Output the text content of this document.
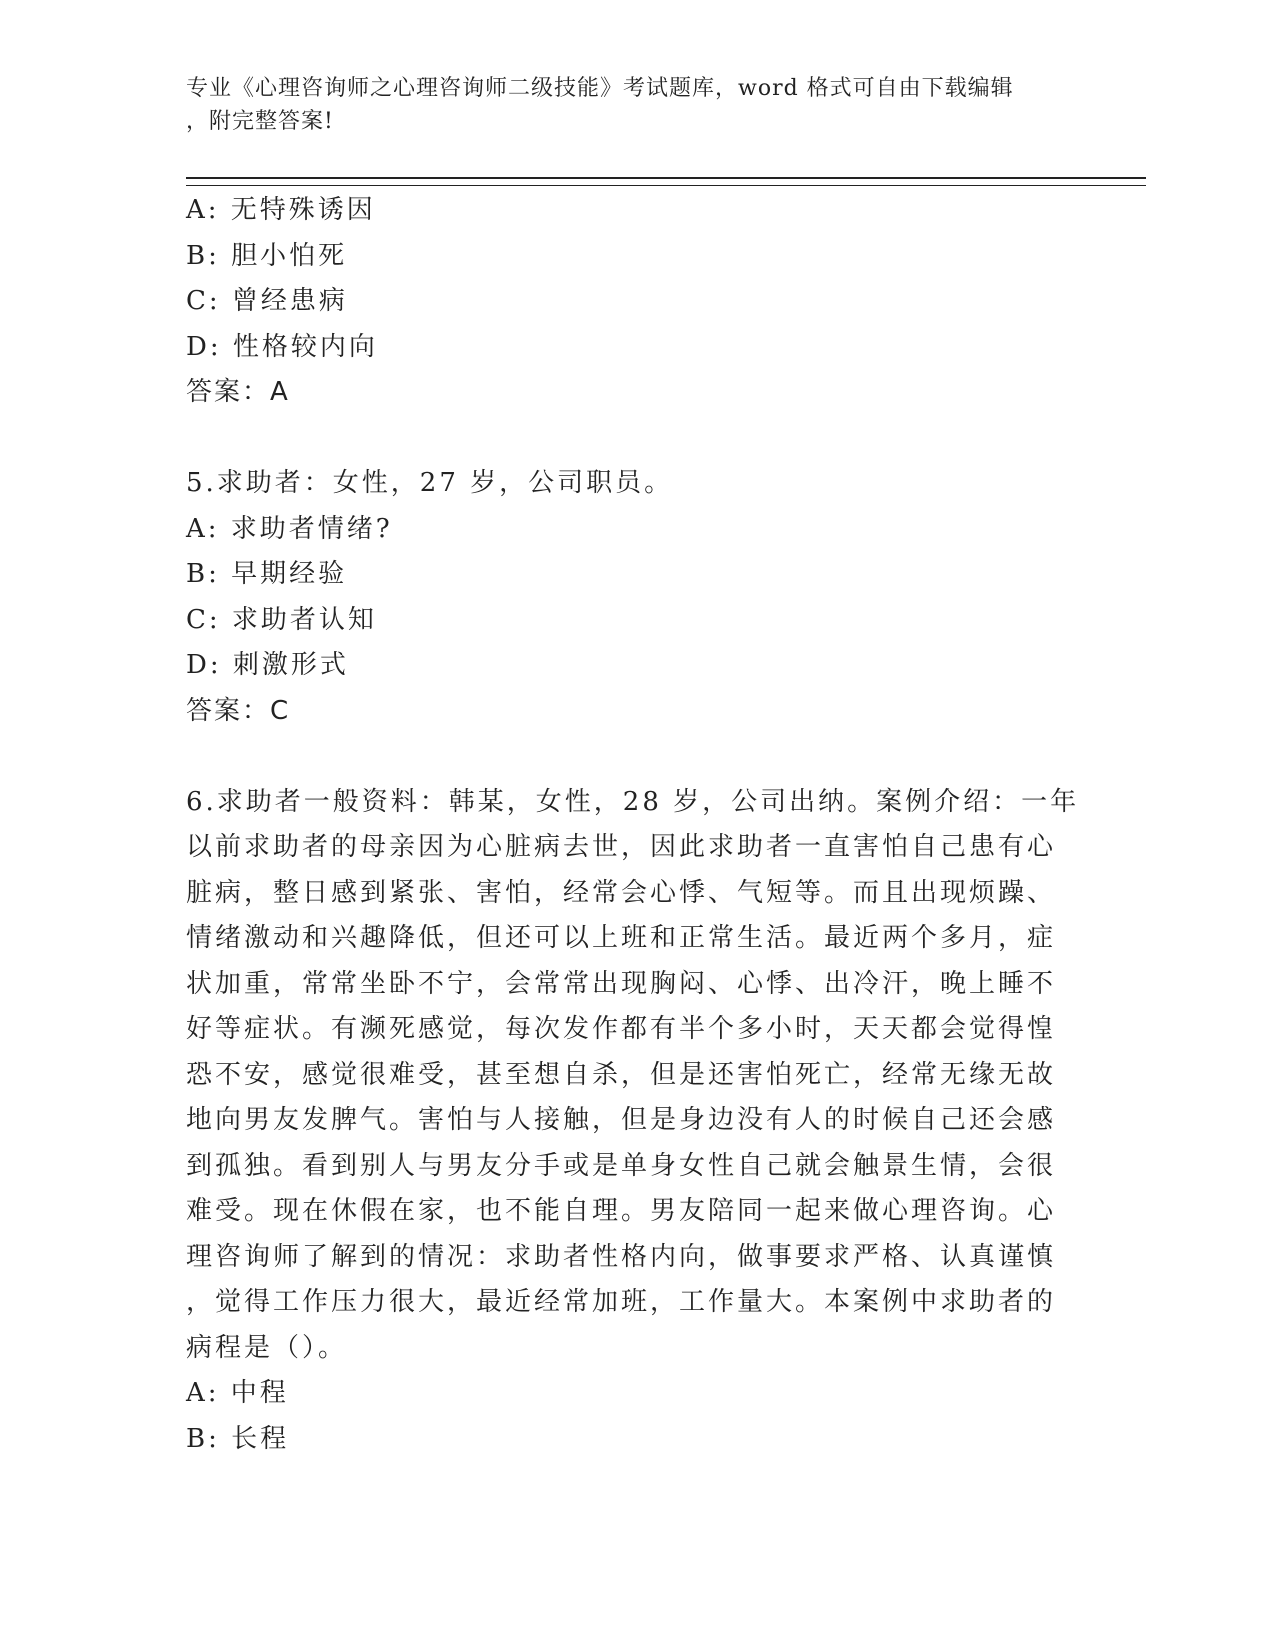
专业《心理咨询师之心理咨询师二级技能》考试题库，word 格式可自由下载编辑
，附完整答案!
A: 无特殊诱因
B: 胆小怕死
C: 曾经患病
D: 性格较内向
答案：A
5.求助者：女性，27 岁，公司职员。
A: 求助者情绪?
B: 早期经验
C: 求助者认知
D: 刺激形式
答案：C
6.求助者一般资料：韩某，女性，28 岁，公司出纳。案例介绍：一年
以前求助者的母亲因为心脏病去世，因此求助者一直害怕自己患有心
脏病，整日感到紧张、害怕，经常会心悸、气短等。而且出现烦躁、
情绪激动和兴趣降低，但还可以上班和正常生活。最近两个多月，症
状加重，常常坐卧不宁，会常常出现胸闷、心悸、出冷汗，晚上睡不
好等症状。有濒死感觉，每次发作都有半个多小时，天天都会觉得惶
恐不安，感觉很难受，甚至想自杀，但是还害怕死亡，经常无缘无故
地向男友发脾气。害怕与人接触，但是身边没有人的时候自己还会感
到孤独。看到别人与男友分手或是单身女性自己就会触景生情，会很
难受。现在休假在家，也不能自理。男友陪同一起来做心理咨询。心
理咨询师了解到的情况：求助者性格内向，做事要求严格、认真谨慎
，觉得工作压力很大，最近经常加班，工作量大。本案例中求助者的
病程是（）。
A: 中程
B: 长程
